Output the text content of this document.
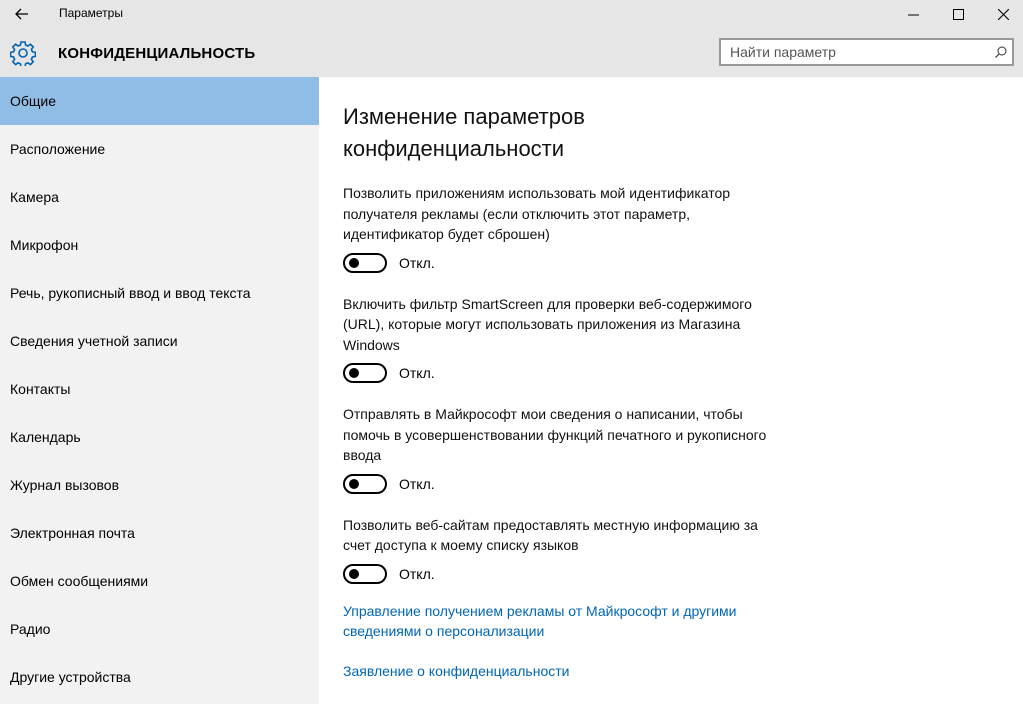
Параметры
КОНФИДЕНЦИАЛЬНОСТЬ
Найти параметр
Общие
Расположение
Камера
Микрофон
Речь, рукописный ввод и ввод текста
Сведения учетной записи
Контакты
Календарь
Журнал вызовов
Электронная почта
Обмен сообщениями
Радио
Другие устройства
Изменение параметров конфиденциальности
Позволить приложениям использовать мой идентификатор получателя рекламы (если отключить этот параметр, идентификатор будет сброшен)
Откл.
Включить фильтр SmartScreen для проверки веб-содержимого (URL), которые могут использовать приложения из Магазина Windows
Откл.
Отправлять в Майкрософт мои сведения о написании, чтобы помочь в усовершенствовании функций печатного и рукописного ввода
Откл.
Позволить веб-сайтам предоставлять местную информацию за счет доступа к моему списку языков
Откл.
Управление получением рекламы от Майкрософт и другими сведениями о персонализации
Заявление о конфиденциальности
